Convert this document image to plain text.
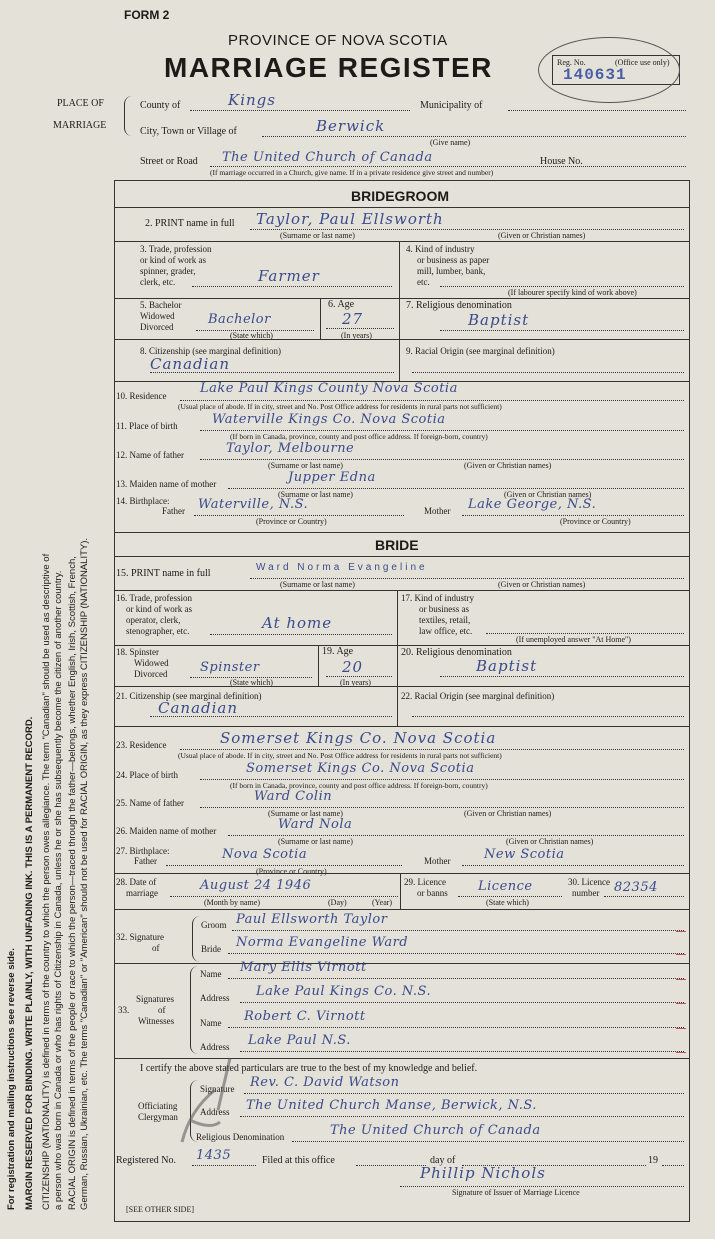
For registration and mailing instructions see reverse side. MARGIN RESERVED FOR BINDING. WRITE PLAINLY, WITH UNFADING INK. THIS IS A PERMANENT RECORD. CITIZENSHIP (NATIONALITY) is defined in terms of the country to which the person owes allegiance. The term "Canadian" should be used as descriptive of a person who was born in Canada or who has rights of Citizenship in Canada, unless he or she has subsequently become the citizen of another country. RACIAL ORIGIN is defined in terms of the people or race to which the person—traced through the father—belongs, whether English, Irish, Scottish, French, German, Russian, Ukrainian, etc. The terms "Canadian" or "American" should not be used for RACIAL ORIGIN, as they express CITIZENSHIP (NATIONALITY).
FORM 2
PROVINCE OF NOVA SCOTIA
MARRIAGE REGISTER	Reg. No.	(Office use only)
140631
PLACE OF
MARRIAGE
County of	Kings	Municipality of
City, Town or Village of	Berwick
(Give name)
Street or Road The United Church of Canada	House No.
(If marriage occurred in a Church, give name. If in a private residence give street and number)
BRIDEGROOM
2. PRINT name in full Taylor, Paul Ellsworth
(Surname or last name)	(Given or Christian names)
3. Trade, profession
or kind of work as
spinner, grader,
clerk, etc.	Farmer
4. Kind of industry
or business as paper
mill, lumber, bank,
etc.
(If labourer specify kind of work above)
5. Bachelor
Widowed
Divorced	Bachelor
(State which)
6. Age
27
(In years)
7. Religious denomination
Baptist
8. Citizenship (see marginal definition)
Canadian
9. Racial Origin (see marginal definition)
10. Residence	Lake Paul Kings County Nova Scotia
(Usual place of abode. If in city, street and No. Post Office address for residents in rural parts not sufficient)
11. Place of birth	Waterville Kings Co. Nova Scotia
(If born in Canada, province, county and post office address. If foreign-born, country)
12. Name of father	Taylor, Melbourne
(Surname or last name)	(Given or Christian names)
13. Maiden name of mother	Jupper Edna
(Surname or last name)	(Given or Christian names)
14. Birthplace:
Father Waterville, N.S.
(Province or Country)
Mother Lake George, N.S.
(Province or Country)
BRIDE
15. PRINT name in full
Ward Norma Evangeline
(Surname or last name)	(Given or Christian names)
16. Trade, profession
or kind of work as
operator, clerk,
stenographer, etc.	At home
17. Kind of industry
or business as
textiles, retail,
law office, etc.
(If unemployed answer "At Home")
18. Spinster
Widowed
Divorced	Spinster
(State which)
19. Age
20
(In years)
20. Religious denomination
Baptist
21. Citizenship (see marginal definition)
Canadian
22. Racial Origin (see marginal definition)
23. Residence	Somerset Kings Co. Nova Scotia
(Usual place of abode. If in city, street and No. Post Office address for residents in rural parts not sufficient)
24. Place of birth	Somerset Kings Co. Nova Scotia
(If born in Canada, province, county and post office address. If foreign-born, country)
25. Name of father	Ward Colin
(Surname or last name)	(Given or Christian names)
26. Maiden name of mother	Ward Nola
(Surname or last name)	(Given or Christian names)
27. Birthplace:
Father	Nova Scotia
(Province or Country)
Mother	New Scotia
28. Date of
marriage	August 24 1946
(Month by name)	(Day)	(Year)
29. Licence
or banns Licence
(State which)
30. Licence
number 82354
32. Signature
of
Groom Paul Ellsworth Taylor
Bride Norma Evangeline Ward
Signatures
of
Witnesses
33.
Name Mary Ellis Virnott
Address Lake Paul Kings Co. N.S.
Name Robert C. Virnott
Address Lake Paul N.S.
I certify the above stated particulars are true to the best of my knowledge and belief.
Officiating
Clergyman
Signature Rev. C. David Watson
Address The United Church Manse, Berwick, N.S.
Religious Denomination	The United Church of Canada
Registered No. 1435	Filed at this office	day of	19
Phillip Nichols
Signature of Issuer of Marriage Licence
[SEE OTHER SIDE]
